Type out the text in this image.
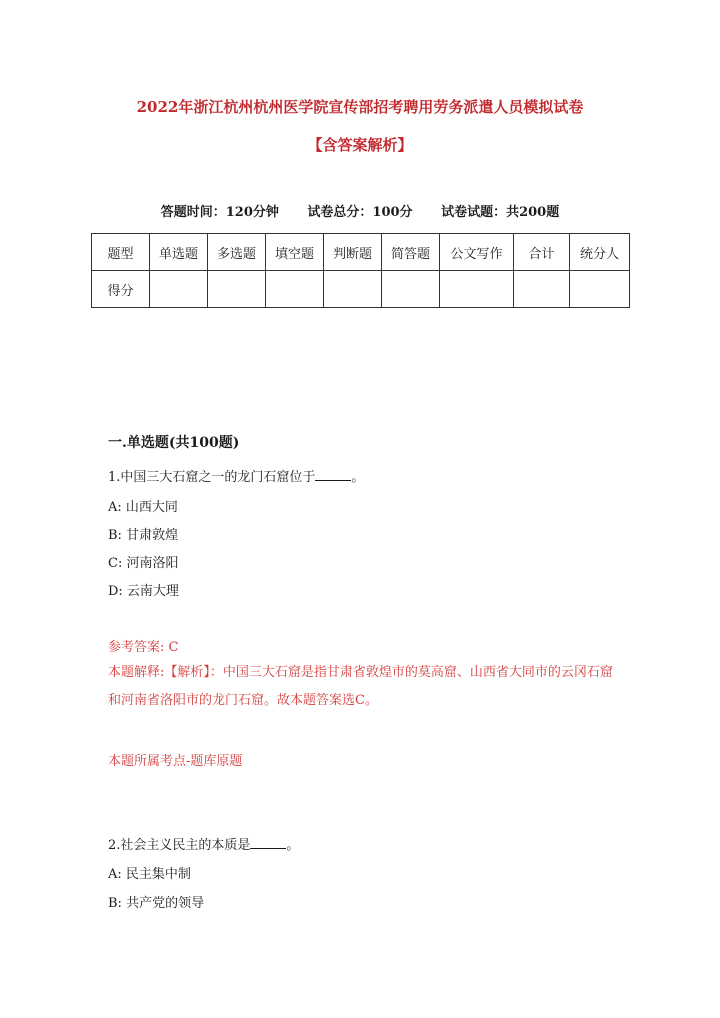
2022年浙江杭州杭州医学院宣传部招考聘用劳务派遣人员模拟试卷
【含答案解析】
答题时间：120分钟 试卷总分：100分 试卷试题：共200题
题型	单选题	多选题	填空题	判断题	简答题	公文写作	合计	统分人
得分								
一.单选题(共100题)
1.中国三大石窟之一的龙门石窟位于	。
A: 山西大同
B: 甘肃敦煌
C: 河南洛阳
D: 云南大理
参考答案: C
本题解释:【解析】：中国三大石窟是指甘肃省敦煌市的莫高窟、山西省大同市的云冈石窟和河南省洛阳市的龙门石窟。故本题答案选C。
本题所属考点-题库原题
2.社会主义民主的本质是	。
A: 民主集中制
B: 共产党的领导
